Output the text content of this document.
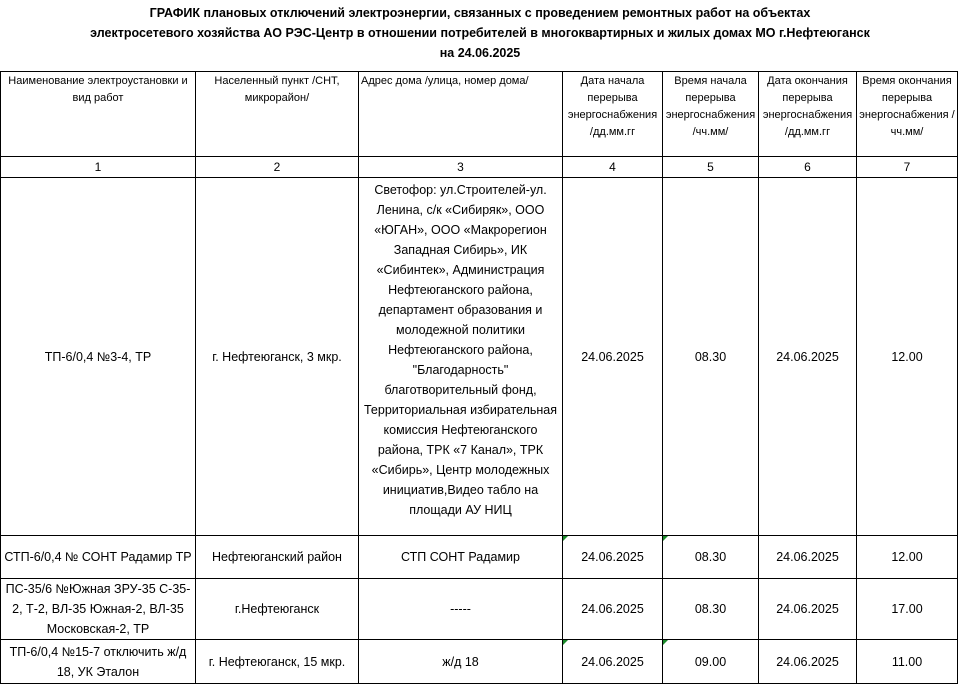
ГРАФИК плановых отключений электроэнергии, связанных с проведением ремонтных работ на объектах
электросетевого хозяйства АО РЭС-Центр в отношении потребителей в многоквартирных и жилых домах МО г.Нефтеюганск
на 24.06.2025
Наименование электроустановки и вид работ	Населенный пункт /СНТ, микрорайон/	Адрес дома /улица, номер дома/	Дата начала перерыва энергоснабжения /дд.мм.гг	Время начала перерыва энергоснабжения /чч.мм/	Дата окончания перерыва энергоснабжения /дд.мм.гг	Время окончания перерыва энергоснабжения /чч.мм/
1	2	3	4	5	6	7
ТП-6/0,4 №3-4, ТР	г. Нефтеюганск, 3 мкр.	Светофор: ул.Строителей-ул. Ленина, с/к «Сибиряк», ООО «ЮГАН», ООО «Макрорегион Западная Сибирь», ИК «Сибинтек», Администрация Нефтеюганского района, департамент образования и молодежной политики Нефтеюганского района, "Благодарность" благотворительный фонд, Территориальная избирательная комиссия Нефтеюганского района, ТРК «7 Канал», ТРК «Сибирь», Центр молодежных инициатив,Видео табло на площади АУ НИЦ	24.06.2025	08.30	24.06.2025	12.00
СТП-6/0,4 № СОНТ Радамир ТР	Нефтеюганский район	СТП СОНТ Радамир	24.06.2025	08.30	24.06.2025	12.00
ПС-35/6 №Южная ЗРУ-35 С-35-2, Т-2, ВЛ-35 Южная-2, ВЛ-35 Московская-2, ТР	г.Нефтеюганск	-----	24.06.2025	08.30	24.06.2025	17.00
ТП-6/0,4 №15-7 отключить ж/д 18, УК Эталон	г. Нефтеюганск, 15 мкр.	ж/д 18	24.06.2025	09.00	24.06.2025	11.00
